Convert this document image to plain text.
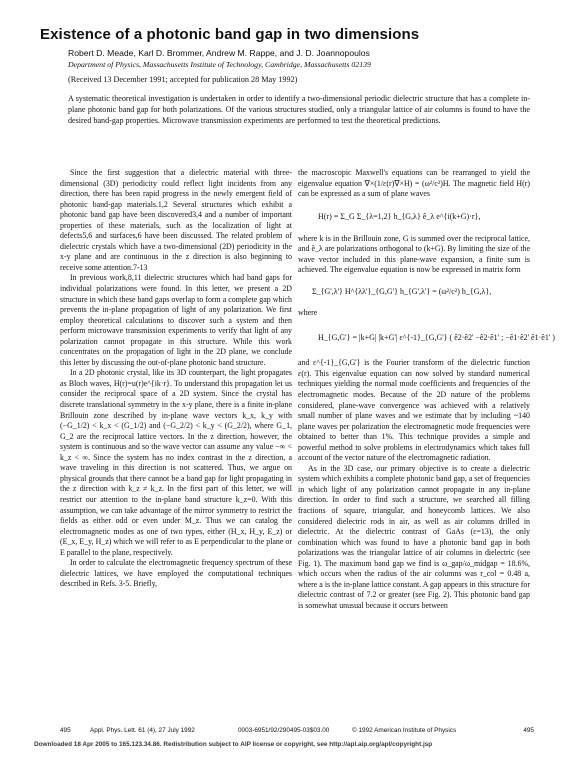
Existence of a photonic band gap in two dimensions
Robert D. Meade, Karl D. Brommer, Andrew M. Rappe, and J. D. Joannopoulos
Department of Physics, Massachusetts Institute of Technology, Cambridge, Massachusetts 02139
(Received 13 December 1991; accepted for publication 28 May 1992)
A systematic theoretical investigation is undertaken in order to identify a two-dimensional periodic dielectric structure that has a complete in-plane photonic band gap for both polarizations. Of the various structures studied, only a triangular lattice of air columns is found to have the desired band-gap properties. Microwave transmission experiments are performed to test the theoretical predictions.

Since the first suggestion that a dielectric material with three-dimensional (3D) periodicity could reflect light incidents from any direction, there has been rapid progress in the newly emergent field of photonic band-gap materials.1,2 Several structures which exhibit a photonic band gap have been discovered3,4 and a number of important properties of these materials, such as the localization of light at defects5,6 and surfaces,6 have been discussed. The related problem of dielectric crystals which have a two-dimensional (2D) periodicity in the x-y plane and are continuous in the z direction is also beginning to receive some attention.7-13

In previous work,8,11 dielectric structures which had band gaps for individual polarizations were found. In this letter, we present a 2D structure in which these band gaps overlap to form a complete gap which prevents the in-plane propagation of light of any polarization. We first employ theoretical calculations to discover such a system and then perform microwave transmission experiments to verify that light of any polarization cannot propagate in this structure. While this work concentrates on the propagation of light in the 2D plane, we conclude this letter by discussing the out-of-plane photonic band structure.

In a 2D photonic crystal, like its 3D counterpart, the light propagates as Bloch waves, H(r)=u(r)e^{ik·r}. To understand this propagation let us consider the reciprocal space of a 2D system. Since the crystal has discrete translational symmetry in the x-y plane, there is a finite in-plane Brillouin zone described by in-plane wave vectors k_x, k_y with (−G_1/2) < k_x < (G_1/2) and (−G_2/2) < k_y < (G_2/2), where G_1, G_2 are the reciprocal lattice vectors. In the z direction, however, the system is continuous and so the wave vector can assume any value −∞ < k_z < ∞. Since the system has no index contrast in the z direction, a wave traveling in this direction is not scattered. Thus, we argue on physical grounds that there cannot be a band gap for light propagating in the z direction with k_z ≠ k_z. In the first part of this letter, we will restrict our attention to the in-plane band structure k_z=0. With this assumption, we can take advantage of the mirror symmetry to restrict the fields as either odd or even under M_z. Thus we can catalog the electromagnetic modes as one of two types, either (H_x, H_y, E_z) or (E_x, E_y, H_z) which we will refer to as E perpendicular to the plane or E parallel to the plane, respectively.

In order to calculate the electromagnetic frequency spectrum of these dielectric lattices, we have employed the computational techniques described in Refs. 3-5. Briefly,

the macroscopic Maxwell's equations can be rearranged to yield the eigenvalue equation ∇×(1/ε(r)∇×H) = (ω²/c²)H. The magnetic field H(r) can be expressed as a sum of plane waves

H(r) = Σ_G Σ_{λ=1,2} h_{G,λ} ê_λ e^{i(k+G)·r},

where k is in the Brillouin zone, G is summed over the reciprocal lattice, and ê_λ are polarizations orthogonal to (k+G). By limiting the size of the wave vector included in this plane-wave expansion, a finite sum is achieved. The eigenvalue equation is now be expressed in matrix form

Σ_{G',λ'} H^{λλ'}_{G,G'} h_{G',λ'} = (ω²/c²) h_{G,λ},

where

H_{G,G'} = |k+G| |k+G'| ε^{-1}_{G,G'} ( ê2·ê2' −ê2·ê1' ; −ê1·ê2' ê1·ê1' )

and ε^{-1}_{G,G'} is the Fourier transform of the dielectric function ε(r). This eigenvalue equation can now solved by standard numerical techniques yielding the normal mode coefficients and frequencies of the electromagnetic modes. Because of the 2D nature of the problems considered, plane-wave convergence was achieved with a relatively small number of plane waves and we estimate that by including ~140 plane waves per polarization the electromagnetic mode frequencies were obtained to better than 1%. This technique provides a simple and powerful method to solve problems in electrodynamics which takes full account of the vector nature of the electromagnetic radiation.

As in the 3D case, our primary objective is to create a dielectric system which exhibits a complete photonic band gap, a set of frequencies in which light of any polarization cannot propagate in any in-plane direction. In order to find such a structure, we searched all filling fractions of square, triangular, and honeycomb lattices. We also considered dielectric rods in air, as well as air columns drilled in dielectric. At the dielectric contrast of GaAs (ε=13), the only combination which was found to have a photonic band gap in both polarizations was the triangular lattice of air columns in dielectric (see Fig. 1). The maximum band gap we find is ω_gap/ω_midgap = 18.6%, which occurs when the radius of the air columns was r_col = 0.48 a, where a is the in-plane lattice constant. A gap appears in this structure for dielectric contrast of 7.2 or greater (see Fig. 2). This photonic band gap is somewhat unusual because it occurs between

495	Appl. Phys. Lett. 61 (4), 27 July 1992	0003-6951/92/290495-03$03.00	© 1992 American Institute of Physics	495
Downloaded 18 Apr 2005 to 165.123.34.86. Redistribution subject to AIP license or copyright, see http://apl.aip.org/apl/copyright.jsp
